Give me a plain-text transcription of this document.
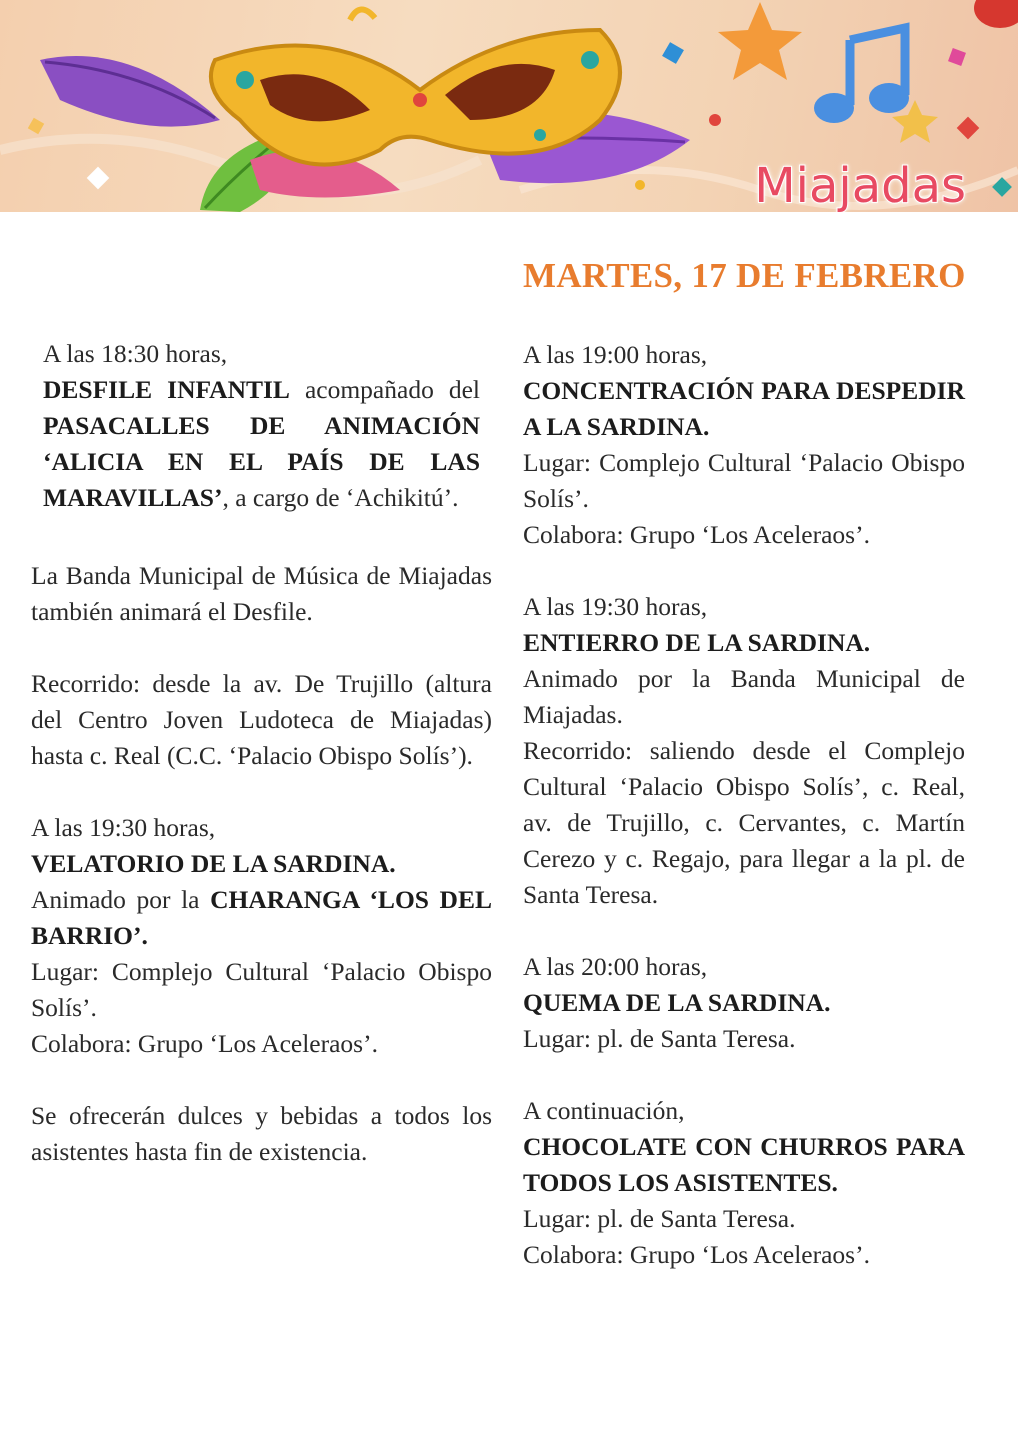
Miajadas
MARTES, 17 DE FEBRERO

A las 18:30 horas,

DESFILE INFANTIL acompañado del PASACALLES DE ANIMACIÓN ‘ALICIA EN EL PAÍS DE LAS MARAVILLAS’, a cargo de ‘Achikitú’.

La Banda Municipal de Música de Miajadas también animará el Desfile.

Recorrido: desde la av. De Trujillo (altura del Centro Joven Ludoteca de Miajadas) hasta c. Real (C.C. ‘Palacio Obispo Solís’).

A las 19:30 horas,

VELATORIO DE LA SARDINA.

Animado por la CHARANGA ‘LOS DEL BARRIO’.

Lugar: Complejo Cultural ‘Palacio Obispo Solís’.

Colabora: Grupo ‘Los Aceleraos’.

Se ofrecerán dulces y bebidas a todos los asistentes hasta fin de existencia.

A las 19:00 horas,

CONCENTRACIÓN PARA DESPEDIR A LA SARDINA.

Lugar: Complejo Cultural ‘Palacio Obispo Solís’.

Colabora: Grupo ‘Los Aceleraos’.

A las 19:30 horas,

ENTIERRO DE LA SARDINA.

Animado por la Banda Municipal de Miajadas.

Recorrido: saliendo desde el Complejo Cultural ‘Palacio Obispo Solís’, c. Real, av. de Trujillo, c. Cervantes, c. Martín Cerezo y c. Regajo, para llegar a la pl. de Santa Teresa.

A las 20:00 horas,

QUEMA DE LA SARDINA.

Lugar: pl. de Santa Teresa.

A continuación,

CHOCOLATE CON CHURROS PARA TODOS LOS ASISTENTES.

Lugar: pl. de Santa Teresa.

Colabora: Grupo ‘Los Aceleraos’.
